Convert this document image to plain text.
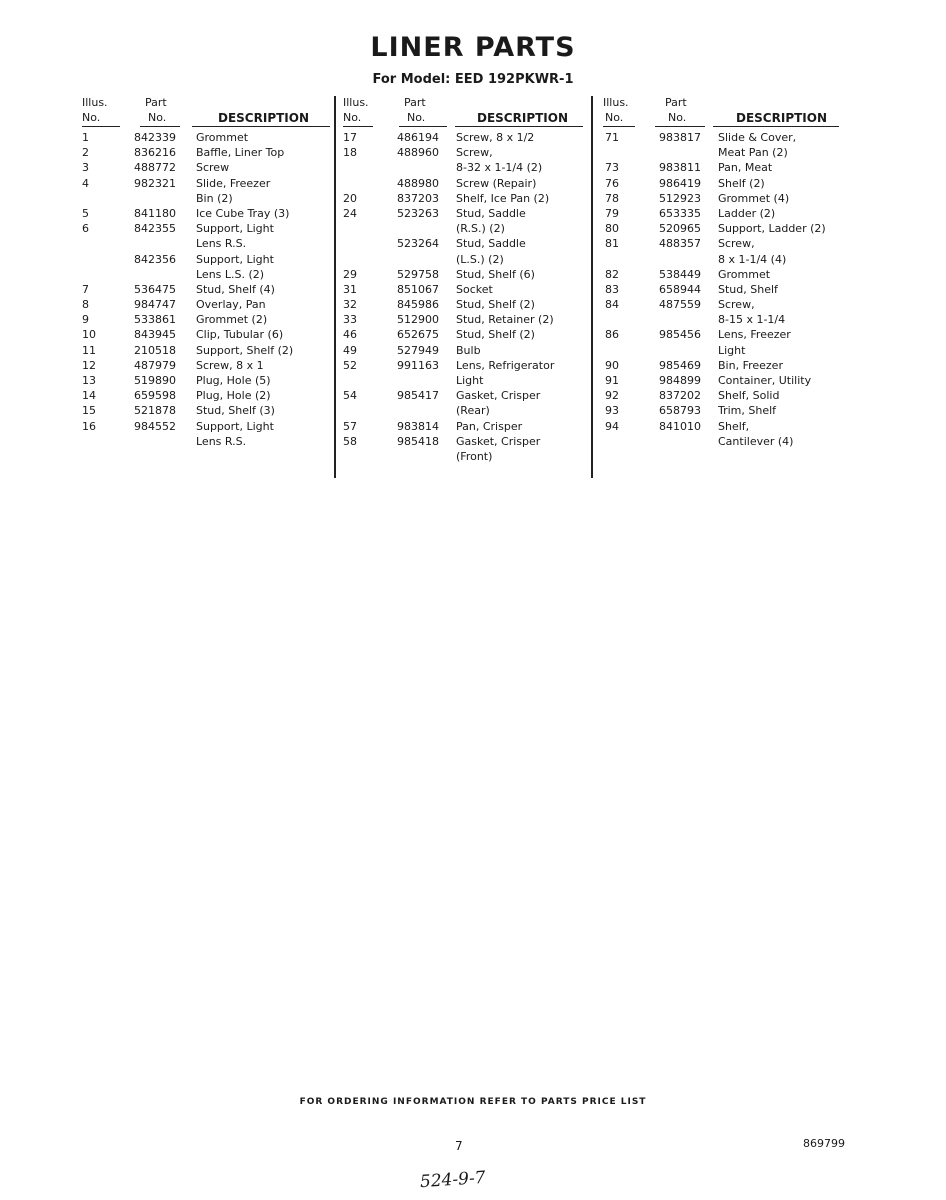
LINER PARTS
For Model: EED 192PKWR-1
Illus.
No.
Part
No.	DESCRIPTION
1	842339 Grommet
2	836216 Baffle, Liner Top
3	488772 Screw
4	982321 Slide, Freezer
Bin (2)
5	841180 Ice Cube Tray (3)
6	842355 Support, Light
Lens R.S.
842356 Support, Light
Lens L.S. (2)
7	536475 Stud, Shelf (4)
8	984747 Overlay, Pan
9	533861 Grommet (2)
10	843945 Clip, Tubular (6)
11	210518 Support, Shelf (2)
12	487979 Screw, 8 x 1
13	519890 Plug, Hole (5)
14	659598 Plug, Hole (2)
15	521878 Stud, Shelf (3)
16	984552 Support, Light
Lens R.S.
Illus.
No.
Part
No.	DESCRIPTION
17	486194 Screw, 8 x 1/2
18	488960 Screw,
8-32 x 1-1/4 (2)
488980 Screw (Repair)
20	837203 Shelf, Ice Pan (2)
24	523263 Stud, Saddle
(R.S.) (2)
523264 Stud, Saddle
(L.S.) (2)
29	529758 Stud, Shelf (6)
31	851067 Socket
32	845986 Stud, Shelf (2)
33	512900 Stud, Retainer (2)
46	652675 Stud, Shelf (2)
49	527949 Bulb
52	991163 Lens, Refrigerator
Light
54	985417 Gasket, Crisper
(Rear)
57	983814 Pan, Crisper
58	985418 Gasket, Crisper
(Front)
Illus.
No.
Part
No.	DESCRIPTION
71	983817 Slide & Cover,
Meat Pan (2)
73	983811 Pan, Meat
76	986419 Shelf (2)
78	512923 Grommet (4)
79	653335 Ladder (2)
80	520965 Support, Ladder (2)
81	488357 Screw,
8 x 1-1/4 (4)
82	538449 Grommet
83	658944 Stud, Shelf
84	487559 Screw,
8-15 x 1-1/4
86	985456 Lens, Freezer
Light
90	985469 Bin, Freezer
91	984899 Container, Utility
92	837202 Shelf, Solid
93	658793 Trim, Shelf
94	841010 Shelf,
Cantilever (4)
FOR ORDERING INFORMATION REFER TO PARTS PRICE LIST
7	869799
524-9-7
